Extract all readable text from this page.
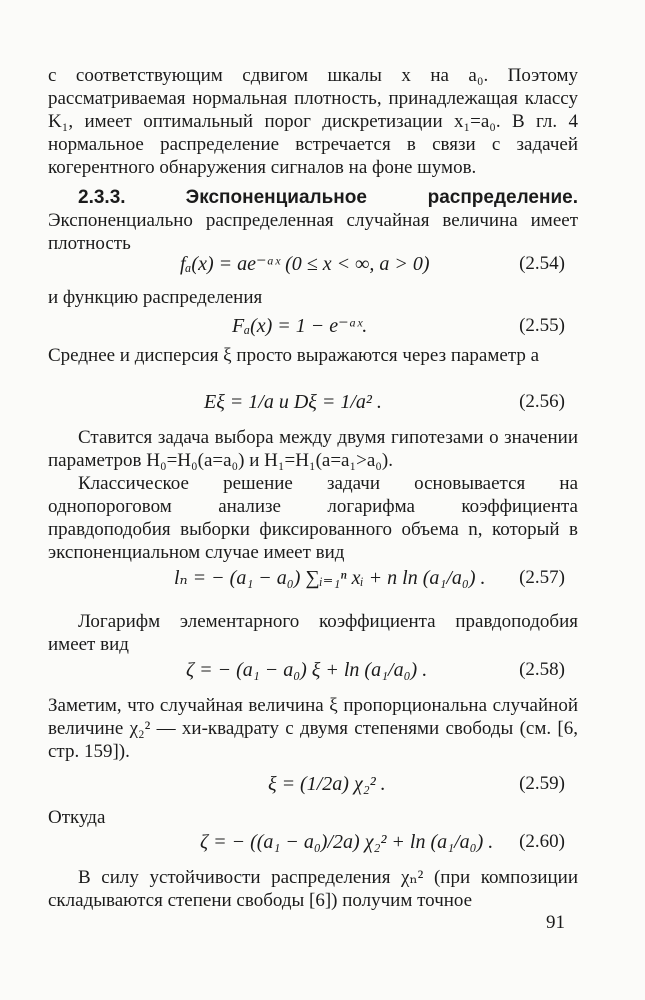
с соответствующим сдвигом шкалы x на a₀. Поэтому рассматриваемая нормальная плотность, принадлежащая классу K₁, имеет оптимальный порог дискретизации x₁=a₀. В гл. 4 нормальное распределение встречается в связи с задачей когерентного обнаружения сигналов на фоне шумов.

2.3.3.	Экспоненциальное распределение. Экспоненциально распределенная случайная величина имеет плотность

fₐ(x) = ae⁻ᵃˣ (0 ≤ x < ∞, a > 0)	(2.54)

и функцию распределения

Fₐ(x) = 1 − e⁻ᵃˣ.	(2.55)

Среднее и дисперсия ξ просто выражаются через параметр a

Eξ = 1/a и Dξ = 1/a² .	(2.56)

Ставится задача выбора между двумя гипотезами о значении параметров H₀=H₀(a=a₀) и H₁=H₁(a=a₁>a₀).

Классическое решение задачи основывается на однопороговом анализе логарифма коэффициента правдоподобия выборки фиксированного объема n, который в экспоненциальном случае имеет вид

lₙ = − (a₁ − a₀) ∑ᵢ₌₁ⁿ xᵢ + n ln (a₁/a₀) . (2.57)

Логарифм элементарного коэффициента правдоподобия имеет вид

ζ = − (a₁ − a₀) ξ + ln (a₁/a₀) .	(2.58)

Заметим, что случайная величина ξ пропорциональна случайной величине χ₂² — хи-квадрату с двумя степенями свободы (см. [6, стр. 159]).

ξ = (1/2a) χ₂² .	(2.59)

Откуда

ζ = − ((a₁ − a₀)/2a) χ₂² + ln (a₁/a₀) . (2.60)

В силу устойчивости распределения χₙ² (при композиции складываются степени свободы [6]) получим точное

91
